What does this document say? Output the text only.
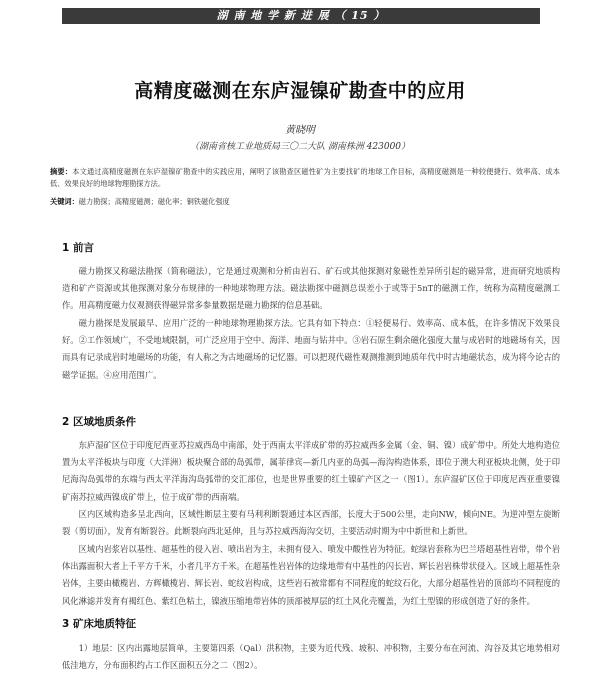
湖 南 地 学 新 进 展 （ 15 ）
高精度磁测在东庐湿镍矿勘查中的应用
黄晓明
（湖南省核工业地质局三〇二大队 湖南株洲 423000）
摘要：本文通过高精度磁测在东庐湿镍矿勘查中的实践应用，阐明了该勘查区磁性矿为主要找矿的地球工作目标，高精度磁测是一种较便捷行、效率高、成本低、效果良好的地球物理勘探方法。
关键词：磁力勘探；高精度磁测；磁化率；铜铁磁化强度
1 前言
磁力勘探又称磁法勘探（简称磁法），它是通过观测和分析由岩石、矿石或其他探测对象磁性差异所引起的磁异常，进而研究地质构造和矿产资源或其他探测对象分布规律的一种地球物理方法。磁法勘探中磁测总误差小于或等于5nT的磁测工作，统称为高精度磁测工作。用高精度磁力仪观测获得磁异常多参量数据是磁力勘探的信息基础。
磁力勘探是发展最早、应用广泛的一种地球物理勘探方法。它具有如下特点：①轻便易行、效率高、成本低，在许多情况下效果良好。②工作领域广，不受地域限制，可广泛应用于空中、海洋、地面与钻井中。③岩石原生剩余磁化强度大量与成岩时的地磁场有关，因而具有记录成岩时地磁场的功能，有人称之为古地磁场的记忆器。可以把现代磁性观测推测到地质年代中时古地磁状态，成为将今论古的磁学证据。④应用范围广。
2 区域地质条件
东庐湿矿区位于印度尼西亚苏拉威西岛中南部，处于西南太平洋成矿带的苏拉威西多金属（金、铜、镍）成矿带中。所处大地构造位置为太平洋板块与印度（大洋洲）板块聚合部的岛弧带，属菲律宾—新几内亚的岛弧—海沟构造体系，即位于澳大利亚板块北侧，处于印尼海沟岛弧带的东端与西太平洋海沟岛弧带的交汇部位，也是世界重要的红土镍矿产区之一（图1）。东庐湿矿区位于印度尼西亚重要镍矿南苏拉威西镍成矿带上，位于成矿带的西南端。
区内区域构造多呈北西向，区域性断层主要有马利利断裂通过本区西部，长度大于500公里，走向NW，倾向NE。为逆冲型左旋断裂（剪切面），发育有断裂谷。此断裂向西北延伸，且与苏拉威西海沟交切，主要活动时期为中中新世和上新世。
区域内岩浆岩以基性、超基性的侵入岩、喷出岩为主，未拥有侵入、喷发中酸性岩为特征。蛇绿岩套称为巴兰塔超基性岩带，带个岩体出露面积大者上千平方千米，小者几平方千米。在超基性岩岩体的边缘地带有中基性的闪长岩、辉长岩岩株带状侵入。区域上超基性杂岩体，主要由橄榄岩、方辉橄榄岩、辉长岩、蛇纹岩构成，这些岩石被常都有不同程度的蛇纹石化，大部分超基性岩的顶部均不同程度的风化淋滤并发育有褐红色、紫红色粘土，镍液压缩地带岩体的顶部被厚层的红土风化壳覆盖，为红土型镍的形成创造了好的条件。
3 矿床地质特征
1）地层：区内出露地层简单，主要第四系（Qal）洪积物，主要为近代残、坡积、冲积物，主要分布在河流、沟谷及其它地势相对低洼地方，分布面积约占工作区面积五分之二（图2）。
